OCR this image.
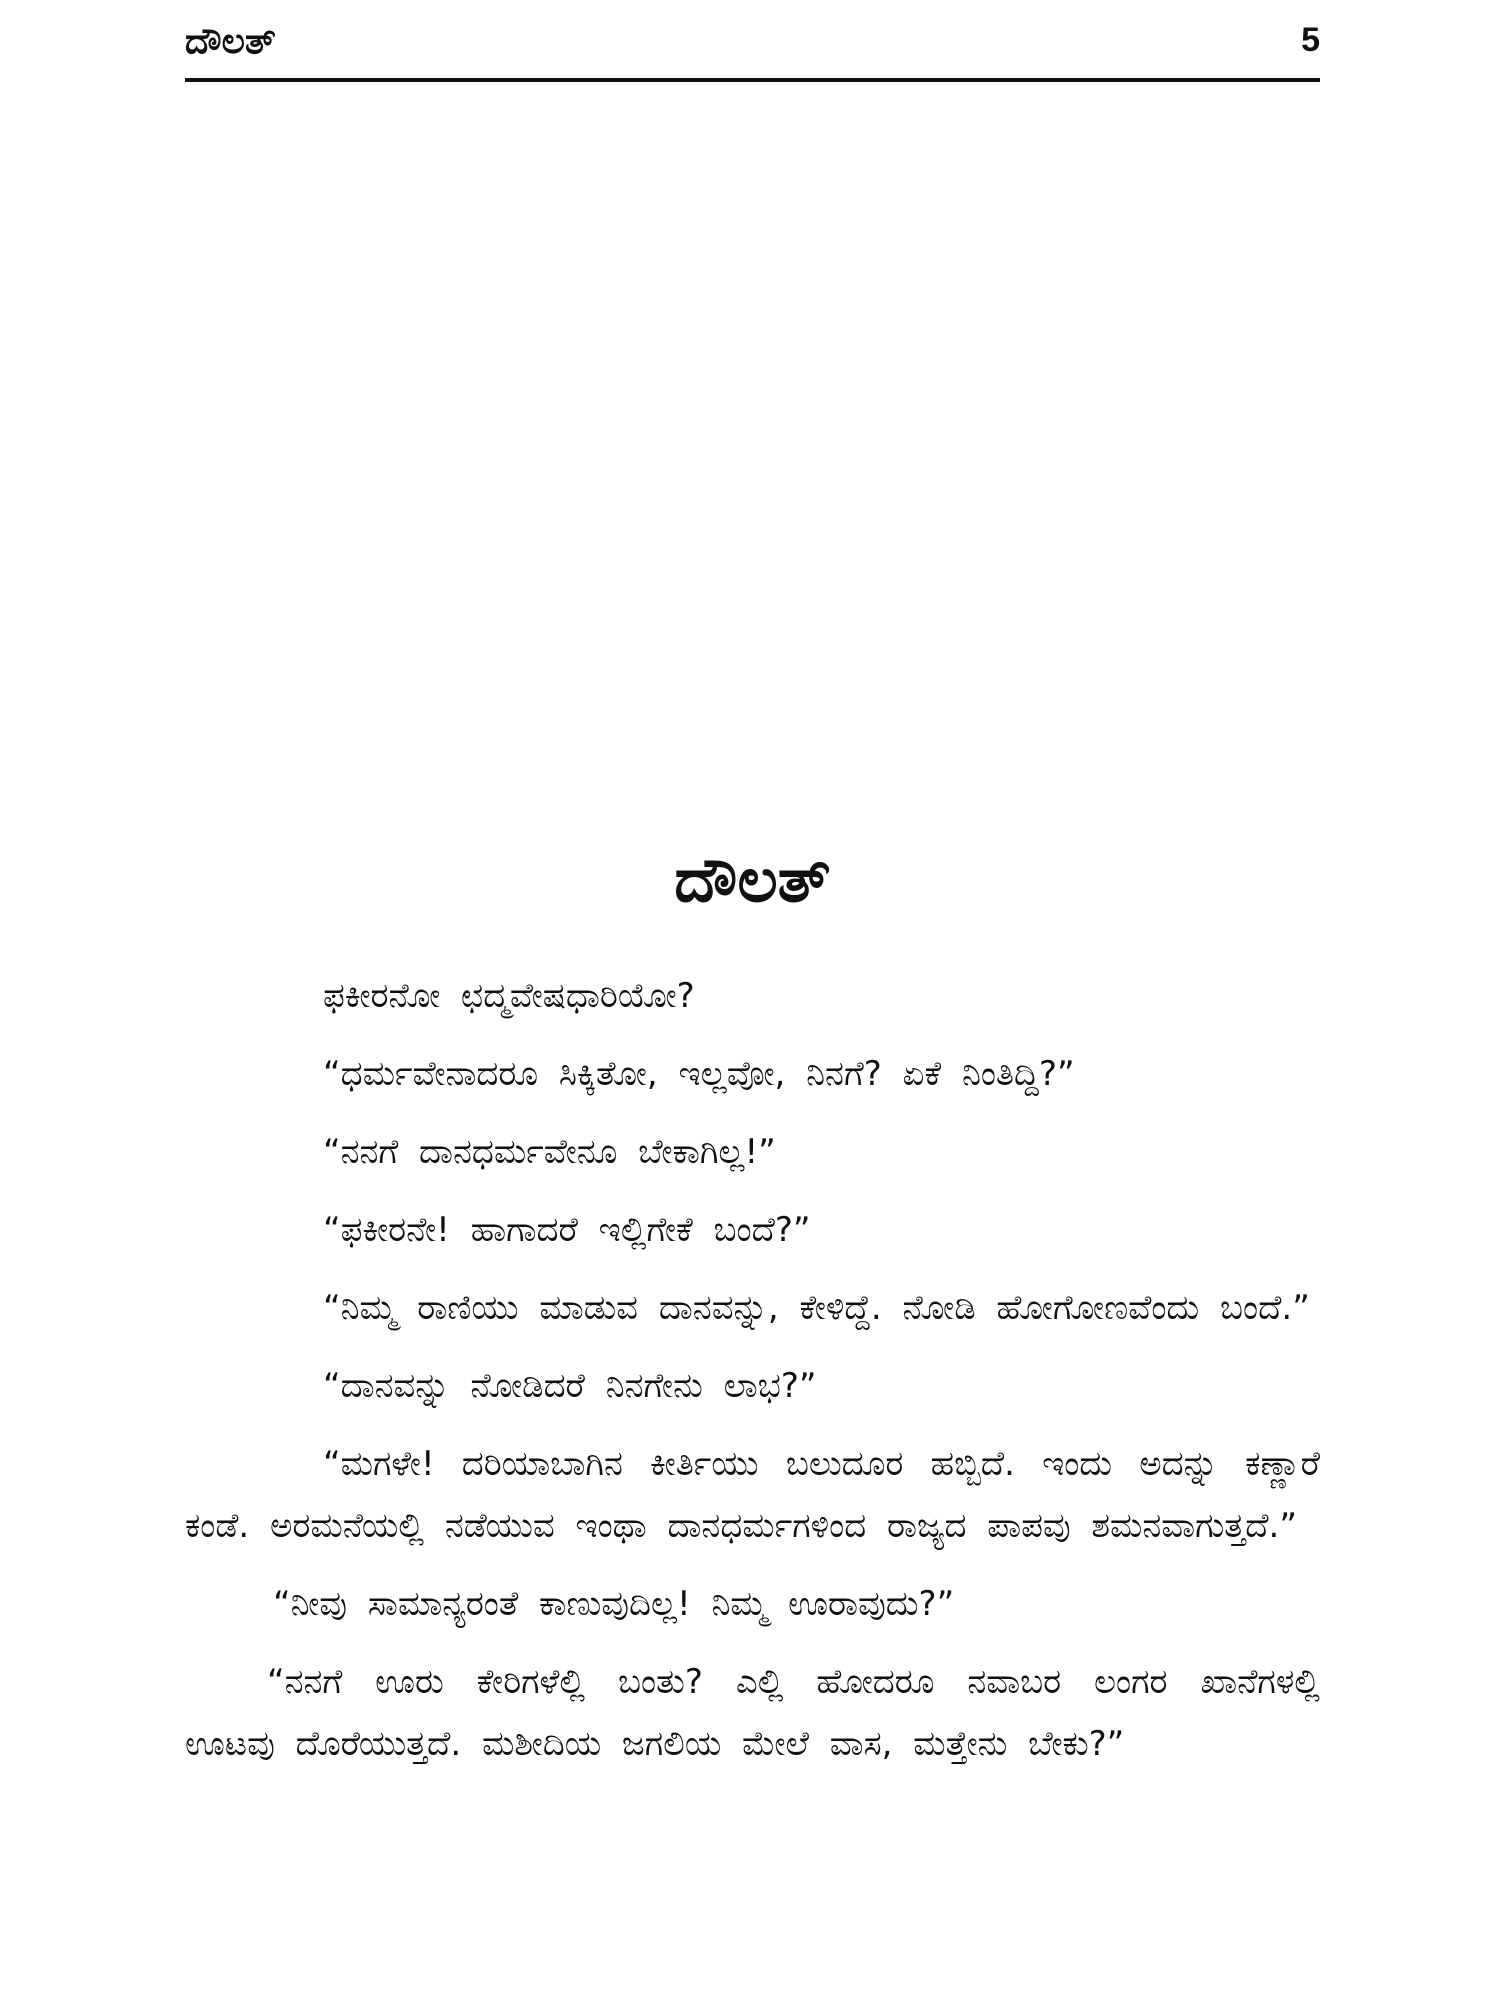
ದೌಲತ್	5
ದೌಲತ್

ಫಕೀರನೋ ಛದ್ಮವೇಷಧಾರಿಯೋ?

“ಧರ್ಮವೇನಾದರೂ ಸಿಕ್ಕಿತೋ, ಇಲ್ಲವೋ, ನಿನಗೆ? ಏಕೆ ನಿಂತಿದ್ದಿ?”

“ನನಗೆ ದಾನಧರ್ಮವೇನೂ ಬೇಕಾಗಿಲ್ಲ!”

“ಫಕೀರನೇ! ಹಾಗಾದರೆ ಇಲ್ಲಿಗೇಕೆ ಬಂದೆ?”

“ನಿಮ್ಮ ರಾಣಿಯು ಮಾಡುವ ದಾನವನ್ನು, ಕೇಳಿದ್ದೆ. ನೋಡಿ ಹೋಗೋಣವೆಂದು ಬಂದೆ.”

“ದಾನವನ್ನು ನೋಡಿದರೆ ನಿನಗೇನು ಲಾಭ?”

“ಮಗಳೇ! ದರಿಯಾಬಾಗಿನ ಕೀರ್ತಿಯು ಬಲುದೂರ ಹಬ್ಬಿದೆ. ಇಂದು ಅದನ್ನು ಕಣ್ಣಾರೆ ಕಂಡೆ. ಅರಮನೆಯಲ್ಲಿ ನಡೆಯುವ ಇಂಥಾ ದಾನಧರ್ಮಗಳಿಂದ ರಾಜ್ಯದ ಪಾಪವು ಶಮನವಾಗುತ್ತದೆ.”

“ನೀವು ಸಾಮಾನ್ಯರಂತೆ ಕಾಣುವುದಿಲ್ಲ! ನಿಮ್ಮ ಊರಾವುದು?”

“ನನಗೆ ಊರು ಕೇರಿಗಳೆಲ್ಲಿ ಬಂತು? ಎಲ್ಲಿ ಹೋದರೂ ನವಾಬರ ಲಂಗರ ಖಾನೆಗಳಲ್ಲಿ ಊಟವು ದೊರೆಯುತ್ತದೆ. ಮಶೀದಿಯ ಜಗಲಿಯ ಮೇಲೆ ವಾಸ, ಮತ್ತೇನು ಬೇಕು?”
